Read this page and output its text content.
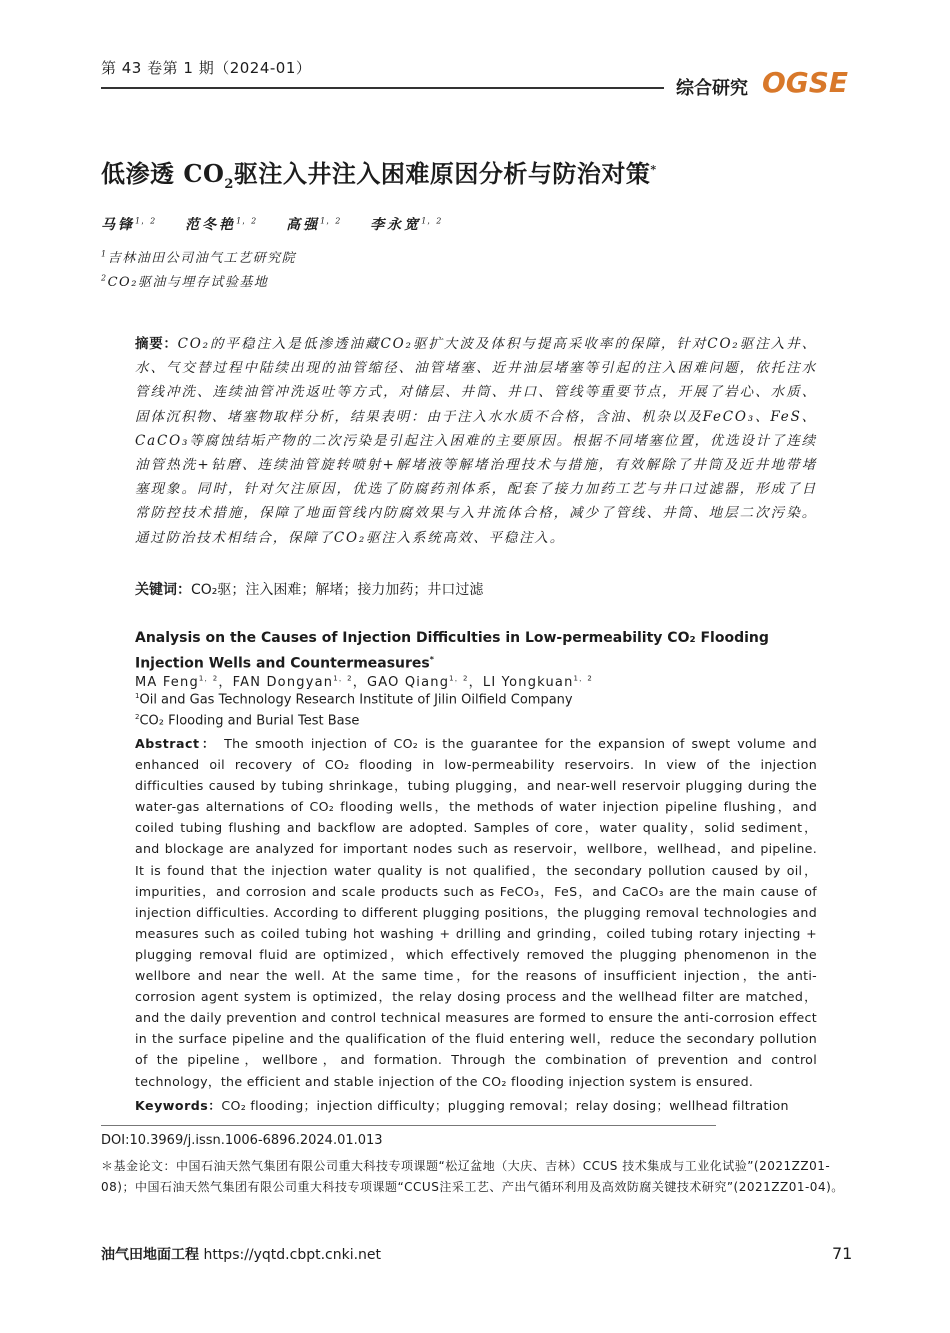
第 43 卷第 1 期（2024-01）
综合研究 OGSE
低渗透 $CO_2$驱注入井注入困难原因分析与防治对策*
马锋$^{1,2}$ 范冬艳$^{1,2}$ 高强$^{1,2}$ 李永宽$^{1,2}$
$^1$吉林油田公司油气工艺研究院
$^2$CO₂驱油与埋存试验基地
摘要：CO₂的平稳注入是低渗透油藏CO₂驱扩大波及体积与提高采收率的保障，针对CO₂驱注入井、水、气交替过程中陆续出现的油管缩径、油管堵塞、近井油层堵塞等引起的注入困难问题，依托注水管线冲洗、连续油管冲洗返吐等方式，对储层、井筒、井口、管线等重要节点，开展了岩心、水质、固体沉积物、堵塞物取样分析，结果表明：由于注入水水质不合格，含油、机杂以及FeCO₃、FeS、CaCO₃等腐蚀结垢产物的二次污染是引起注入困难的主要原因。根据不同堵塞位置，优选设计了连续油管热洗+钻磨、连续油管旋转喷射+解堵液等解堵治理技术与措施，有效解除了井筒及近井地带堵塞现象。同时，针对欠注原因，优选了防腐药剂体系，配套了接力加药工艺与井口过滤器，形成了日常防控技术措施，保障了地面管线内防腐效果与入井流体合格，减少了管线、井筒、地层二次污染。通过防治技术相结合，保障了CO₂驱注入系统高效、平稳注入。
关键词：CO₂驱；注入困难；解堵；接力加药；井口过滤
Analysis on the Causes of Injection Difficulties in Low-permeability CO₂ Flooding Injection Wells and Countermeasures*
MA Feng$^{1,2}$，FAN Dongyan$^{1,2}$，GAO Qiang$^{1,2}$，LI Yongkuan$^{1,2}$
$^1$Oil and Gas Technology Research Institute of Jilin Oilfield Company
$^2$CO₂ Flooding and Burial Test Base
Abstract： The smooth injection of CO₂ is the guarantee for the expansion of swept volume and enhanced oil recovery of CO₂ flooding in low-permeability reservoirs. In view of the injection difficulties caused by tubing shrinkage，tubing plugging，and near-well reservoir plugging during the water-gas alternations of CO₂ flooding wells，the methods of water injection pipeline flushing，and coiled tubing flushing and backflow are adopted. Samples of core，water quality，solid sediment， and blockage are analyzed for important nodes such as reservoir，wellbore，wellhead，and pipeline. It is found that the injection water quality is not qualified，the secondary pollution caused by oil，impurities，and corrosion and scale products such as FeCO₃，FeS，and CaCO₃ are the main cause of injection difficulties. According to different plugging positions，the plugging removal technologies and measures such as coiled tubing hot washing + drilling and grinding，coiled tubing rotary injecting + plugging removal fluid are optimized，which effectively removed the plugging phenomenon in the wellbore and near the well. At the same time，for the reasons of insufficient injection，the anti-corrosion agent system is optimized，the relay dosing process and the wellhead filter are matched，and the daily prevention and control technical measures are formed to ensure the anti-corrosion effect in the surface pipeline and the qualification of the fluid entering well，reduce the secondary pollution of the pipeline，wellbore，and formation. Through the combination of prevention and control technology，the efficient and stable injection of the CO₂ flooding injection system is ensured.
Keywords：CO₂ flooding；injection difficulty；plugging removal；relay dosing；wellhead filtration
DOI:10.3969/j.issn.1006-6896.2024.01.013
＊基金论文：中国石油天然气集团有限公司重大科技专项课题“松辽盆地（大庆、吉林）CCUS 技术集成与工业化试验”(2021ZZ01-08)；中国石油天然气集团有限公司重大科技专项课题“CCUS注采工艺、产出气循环利用及高效防腐关键技术研究”(2021ZZ01-04)。
油气田地面工程 https://yqtd.cbpt.cnki.net	71
